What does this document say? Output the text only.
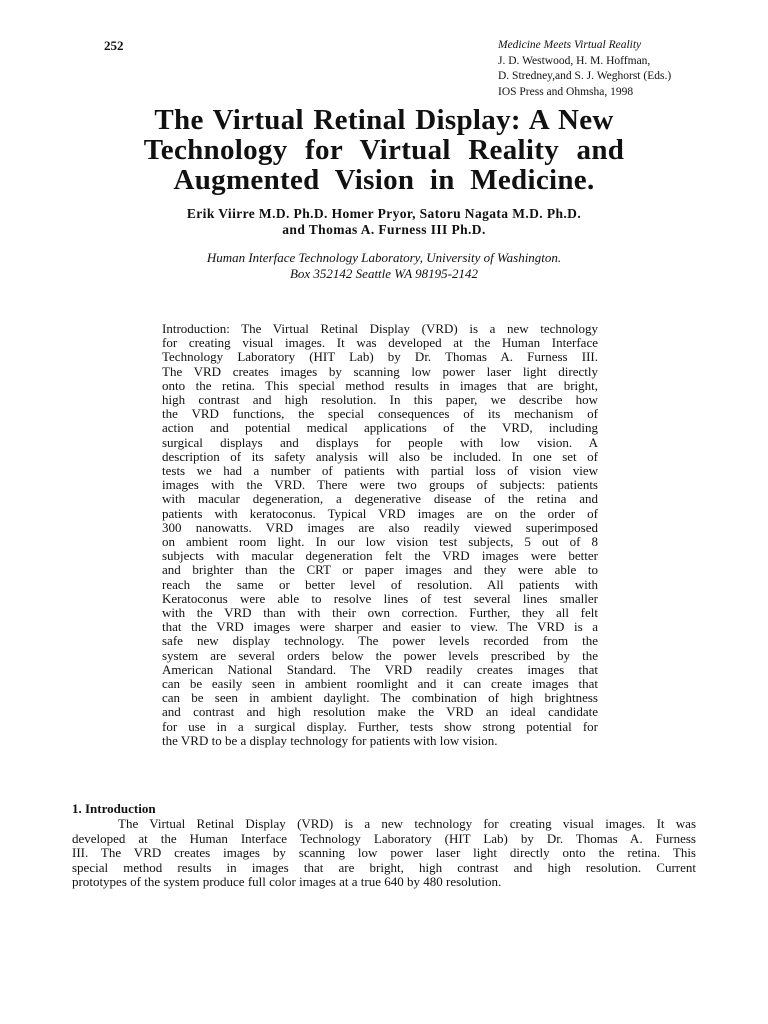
252	Medicine Meets Virtual Reality
J. D. Westwood, H. M. Hoffman,
D. Stredney,and S. J. Weghorst (Eds.)
IOS Press and Ohmsha, 1998
The Virtual Retinal Display: A New
Technology for Virtual Reality and
Augmented Vision in Medicine.
Erik Viirre M.D. Ph.D. Homer Pryor, Satoru Nagata M.D. Ph.D.
and Thomas A. Furness III Ph.D.
Human Interface Technology Laboratory, University of Washington.
Box 352142 Seattle WA 98195-2142
Introduction: The Virtual Retinal Display (VRD) is a new technology
for creating visual images. It was developed at the Human Interface
Technology Laboratory (HIT Lab) by Dr. Thomas A. Furness III.
The VRD creates images by scanning low power laser light directly
onto the retina. This special method results in images that are bright,
high contrast and high resolution. In this paper, we describe how
the VRD functions, the special consequences of its mechanism of
action and potential medical applications of the VRD, including
surgical displays and displays for people with low vision. A
description of its safety analysis will also be included. In one set of
tests we had a number of patients with partial loss of vision view
images with the VRD. There were two groups of subjects: patients
with macular degeneration, a degenerative disease of the retina and
patients with keratoconus. Typical VRD images are on the order of
300 nanowatts. VRD images are also readily viewed superimposed
on ambient room light. In our low vision test subjects, 5 out of 8
subjects with macular degeneration felt the VRD images were better
and brighter than the CRT or paper images and they were able to
reach the same or better level of resolution. All patients with
Keratoconus were able to resolve lines of test several lines smaller
with the VRD than with their own correction. Further, they all felt
that the VRD images were sharper and easier to view. The VRD is a
safe new display technology. The power levels recorded from the
system are several orders below the power levels prescribed by the
American National Standard. The VRD readily creates images that
can be easily seen in ambient roomlight and it can create images that
can be seen in ambient daylight. The combination of high brightness
and contrast and high resolution make the VRD an ideal candidate
for use in a surgical display. Further, tests show strong potential for
the VRD to be a display technology for patients with low vision.
1. Introduction
The Virtual Retinal Display (VRD) is a new technology for creating visual images. It was
developed at the Human Interface Technology Laboratory (HIT Lab) by Dr. Thomas A. Furness
III. The VRD creates images by scanning low power laser light directly onto the retina. This
special method results in images that are bright, high contrast and high resolution. Current
prototypes of the system produce full color images at a true 640 by 480 resolution.
